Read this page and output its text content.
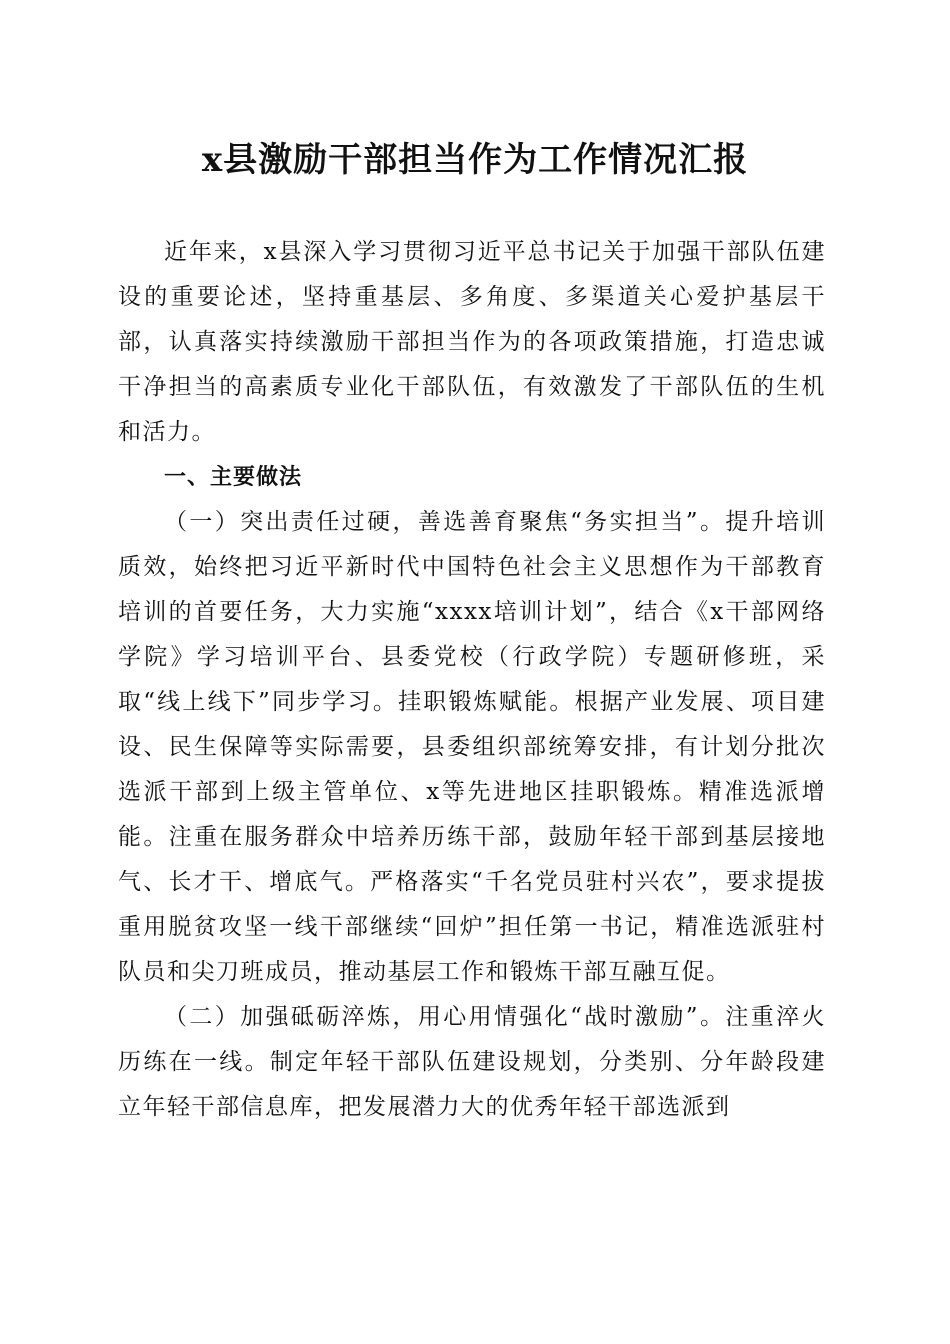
x县激励干部担当作为工作情况汇报

近年来，x县深入学习贯彻习近平总书记关于加强干部队伍建设的重要论述，坚持重基层、多角度、多渠道关心爱护基层干部，认真落实持续激励干部担当作为的各项政策措施，打造忠诚干净担当的高素质专业化干部队伍，有效激发了干部队伍的生机和活力。

一、主要做法

（一）突出责任过硬，善选善育聚焦“务实担当”。提升培训质效，始终把习近平新时代中国特色社会主义思想作为干部教育培训的首要任务，大力实施“xxxx培训计划”，结合《x干部网络学院》学习培训平台、县委党校（行政学院）专题研修班，采取“线上线下”同步学习。挂职锻炼赋能。根据产业发展、项目建设、民生保障等实际需要，县委组织部统筹安排，有计划分批次选派干部到上级主管单位、x等先进地区挂职锻炼。精准选派增能。注重在服务群众中培养历练干部，鼓励年轻干部到基层接地气、长才干、增底气。严格落实“千名党员驻村兴农”，要求提拔重用脱贫攻坚一线干部继续“回炉”担任第一书记，精准选派驻村队员和尖刀班成员，推动基层工作和锻炼干部互融互促。

（二）加强砥砺淬炼，用心用情强化“战时激励”。注重淬火历练在一线。制定年轻干部队伍建设规划，分类别、分年龄段建立年轻干部信息库，把发展潜力大的优秀年轻干部选派到
